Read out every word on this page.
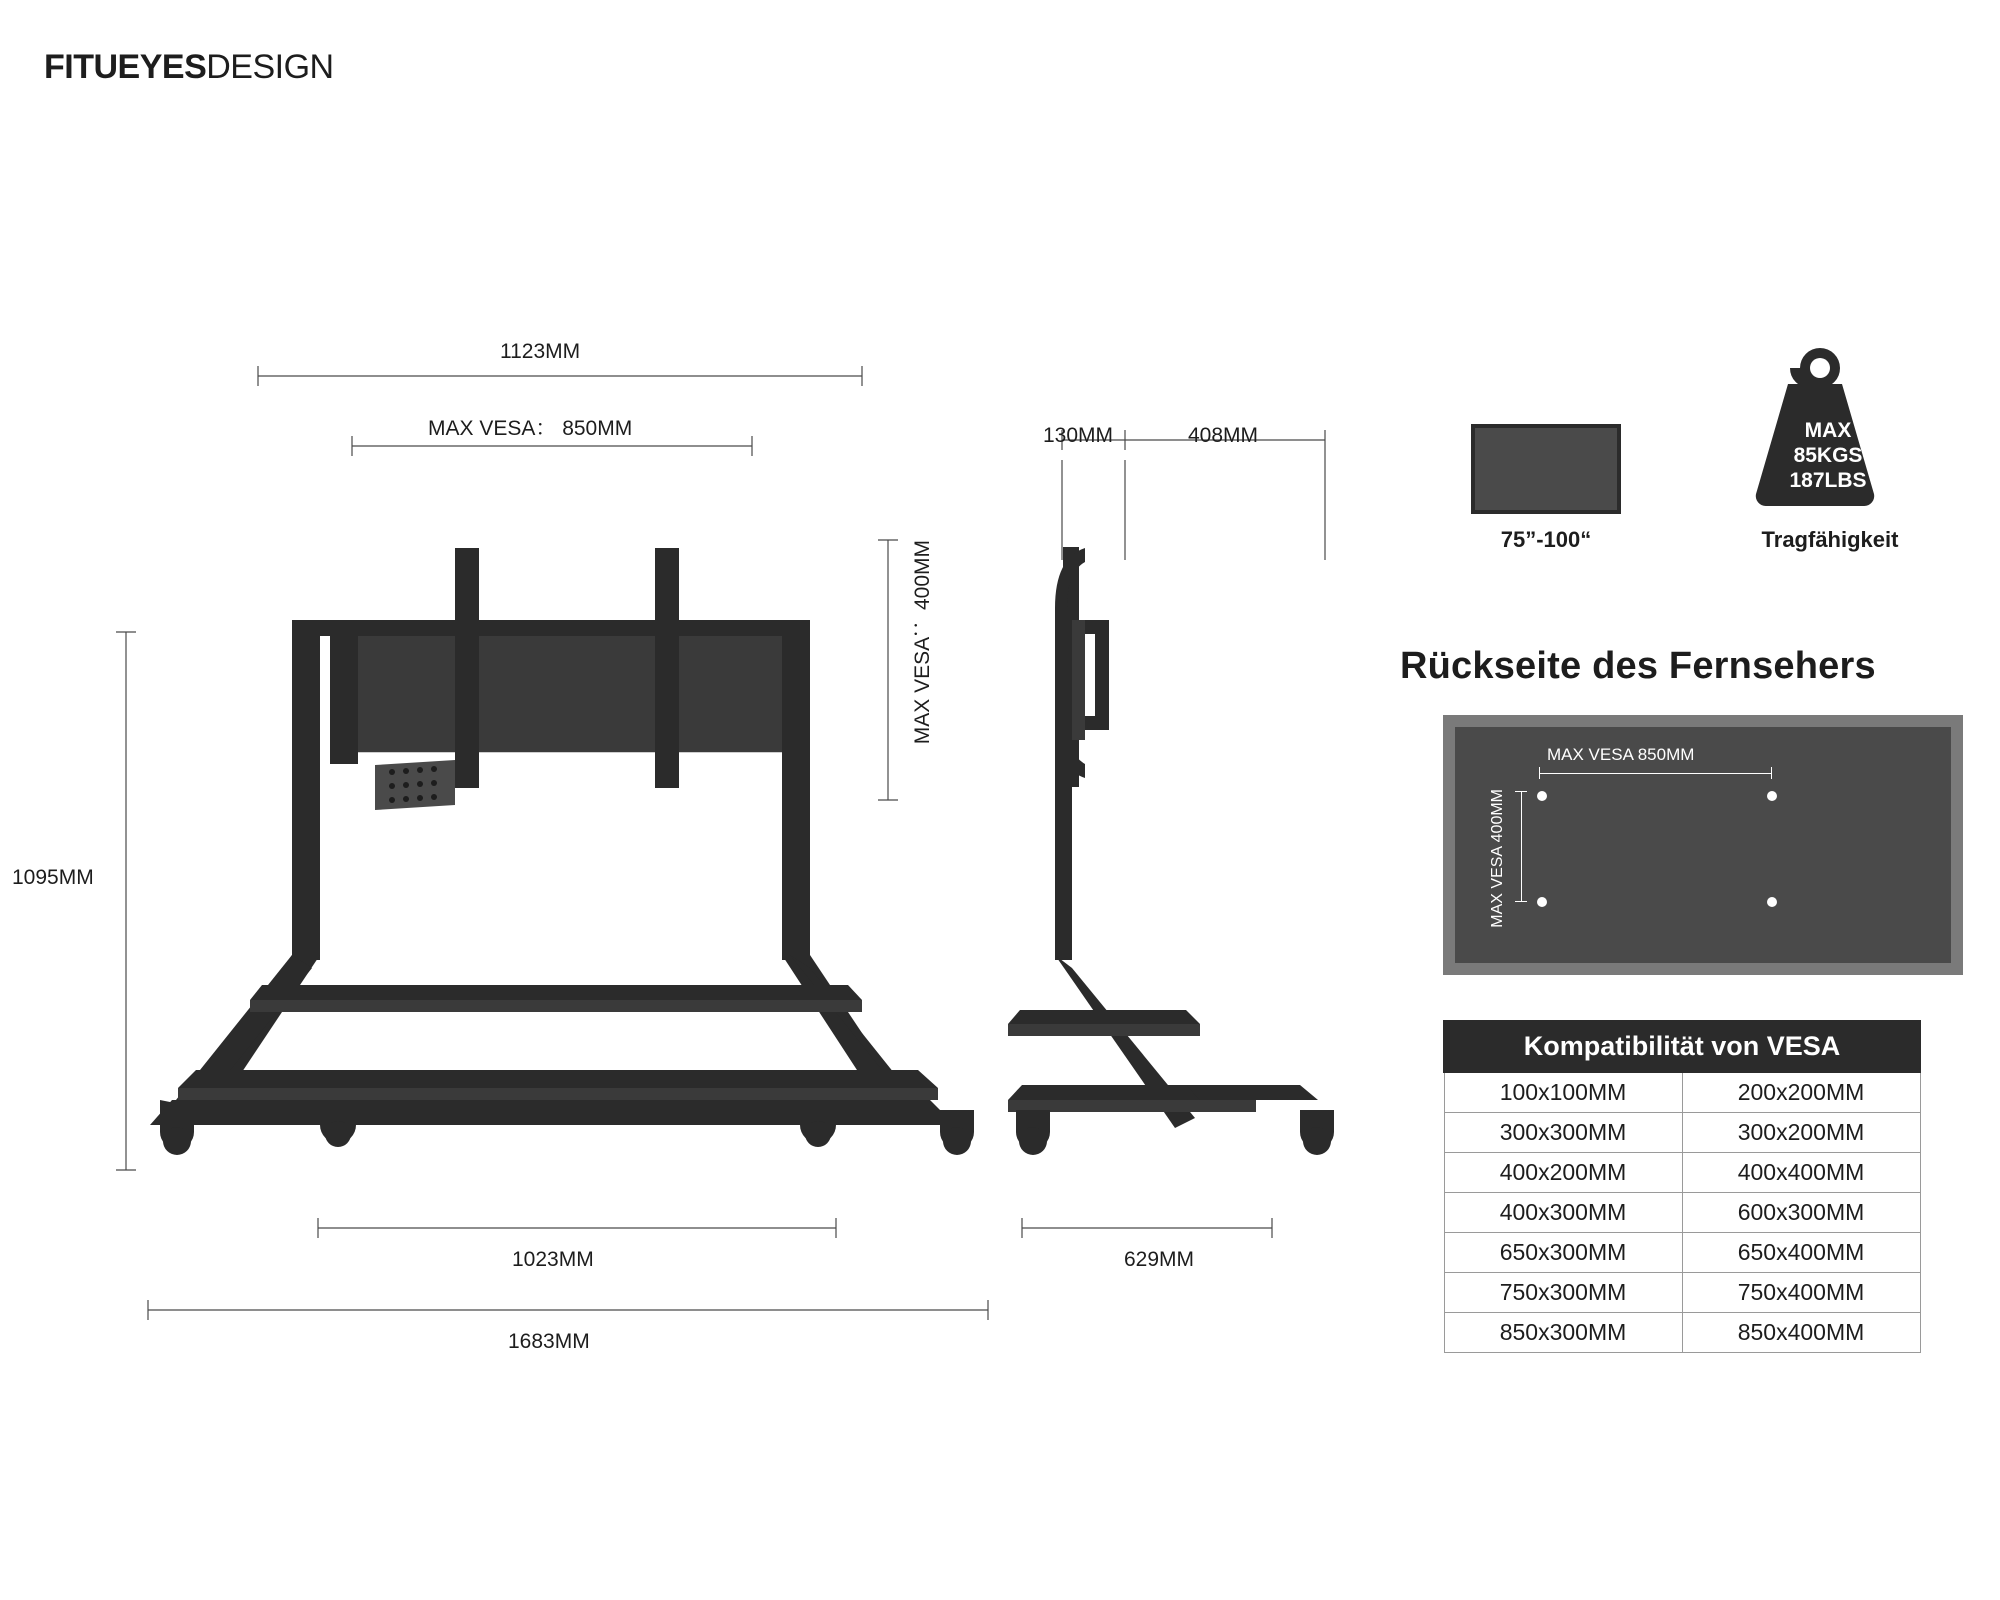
FITUEYESDESIGN
1123MM
MAX VESA： 850MM
MAX VESA： 400MM
1095MM
1023MM
1683MM
130MM	408MM
629MM
75”-100“
MAX
85KGS
187LBS
Tragfähigkeit
Rückseite des Fernsehers
MAX VESA 850MM
MAX VESA 400MM
Kompatibilität von VESA	
100x100MM	200x200MM
300x300MM	300x200MM
400x200MM	400x400MM
400x300MM	600x300MM
650x300MM	650x400MM
750x300MM	750x400MM
850x300MM	850x400MM
